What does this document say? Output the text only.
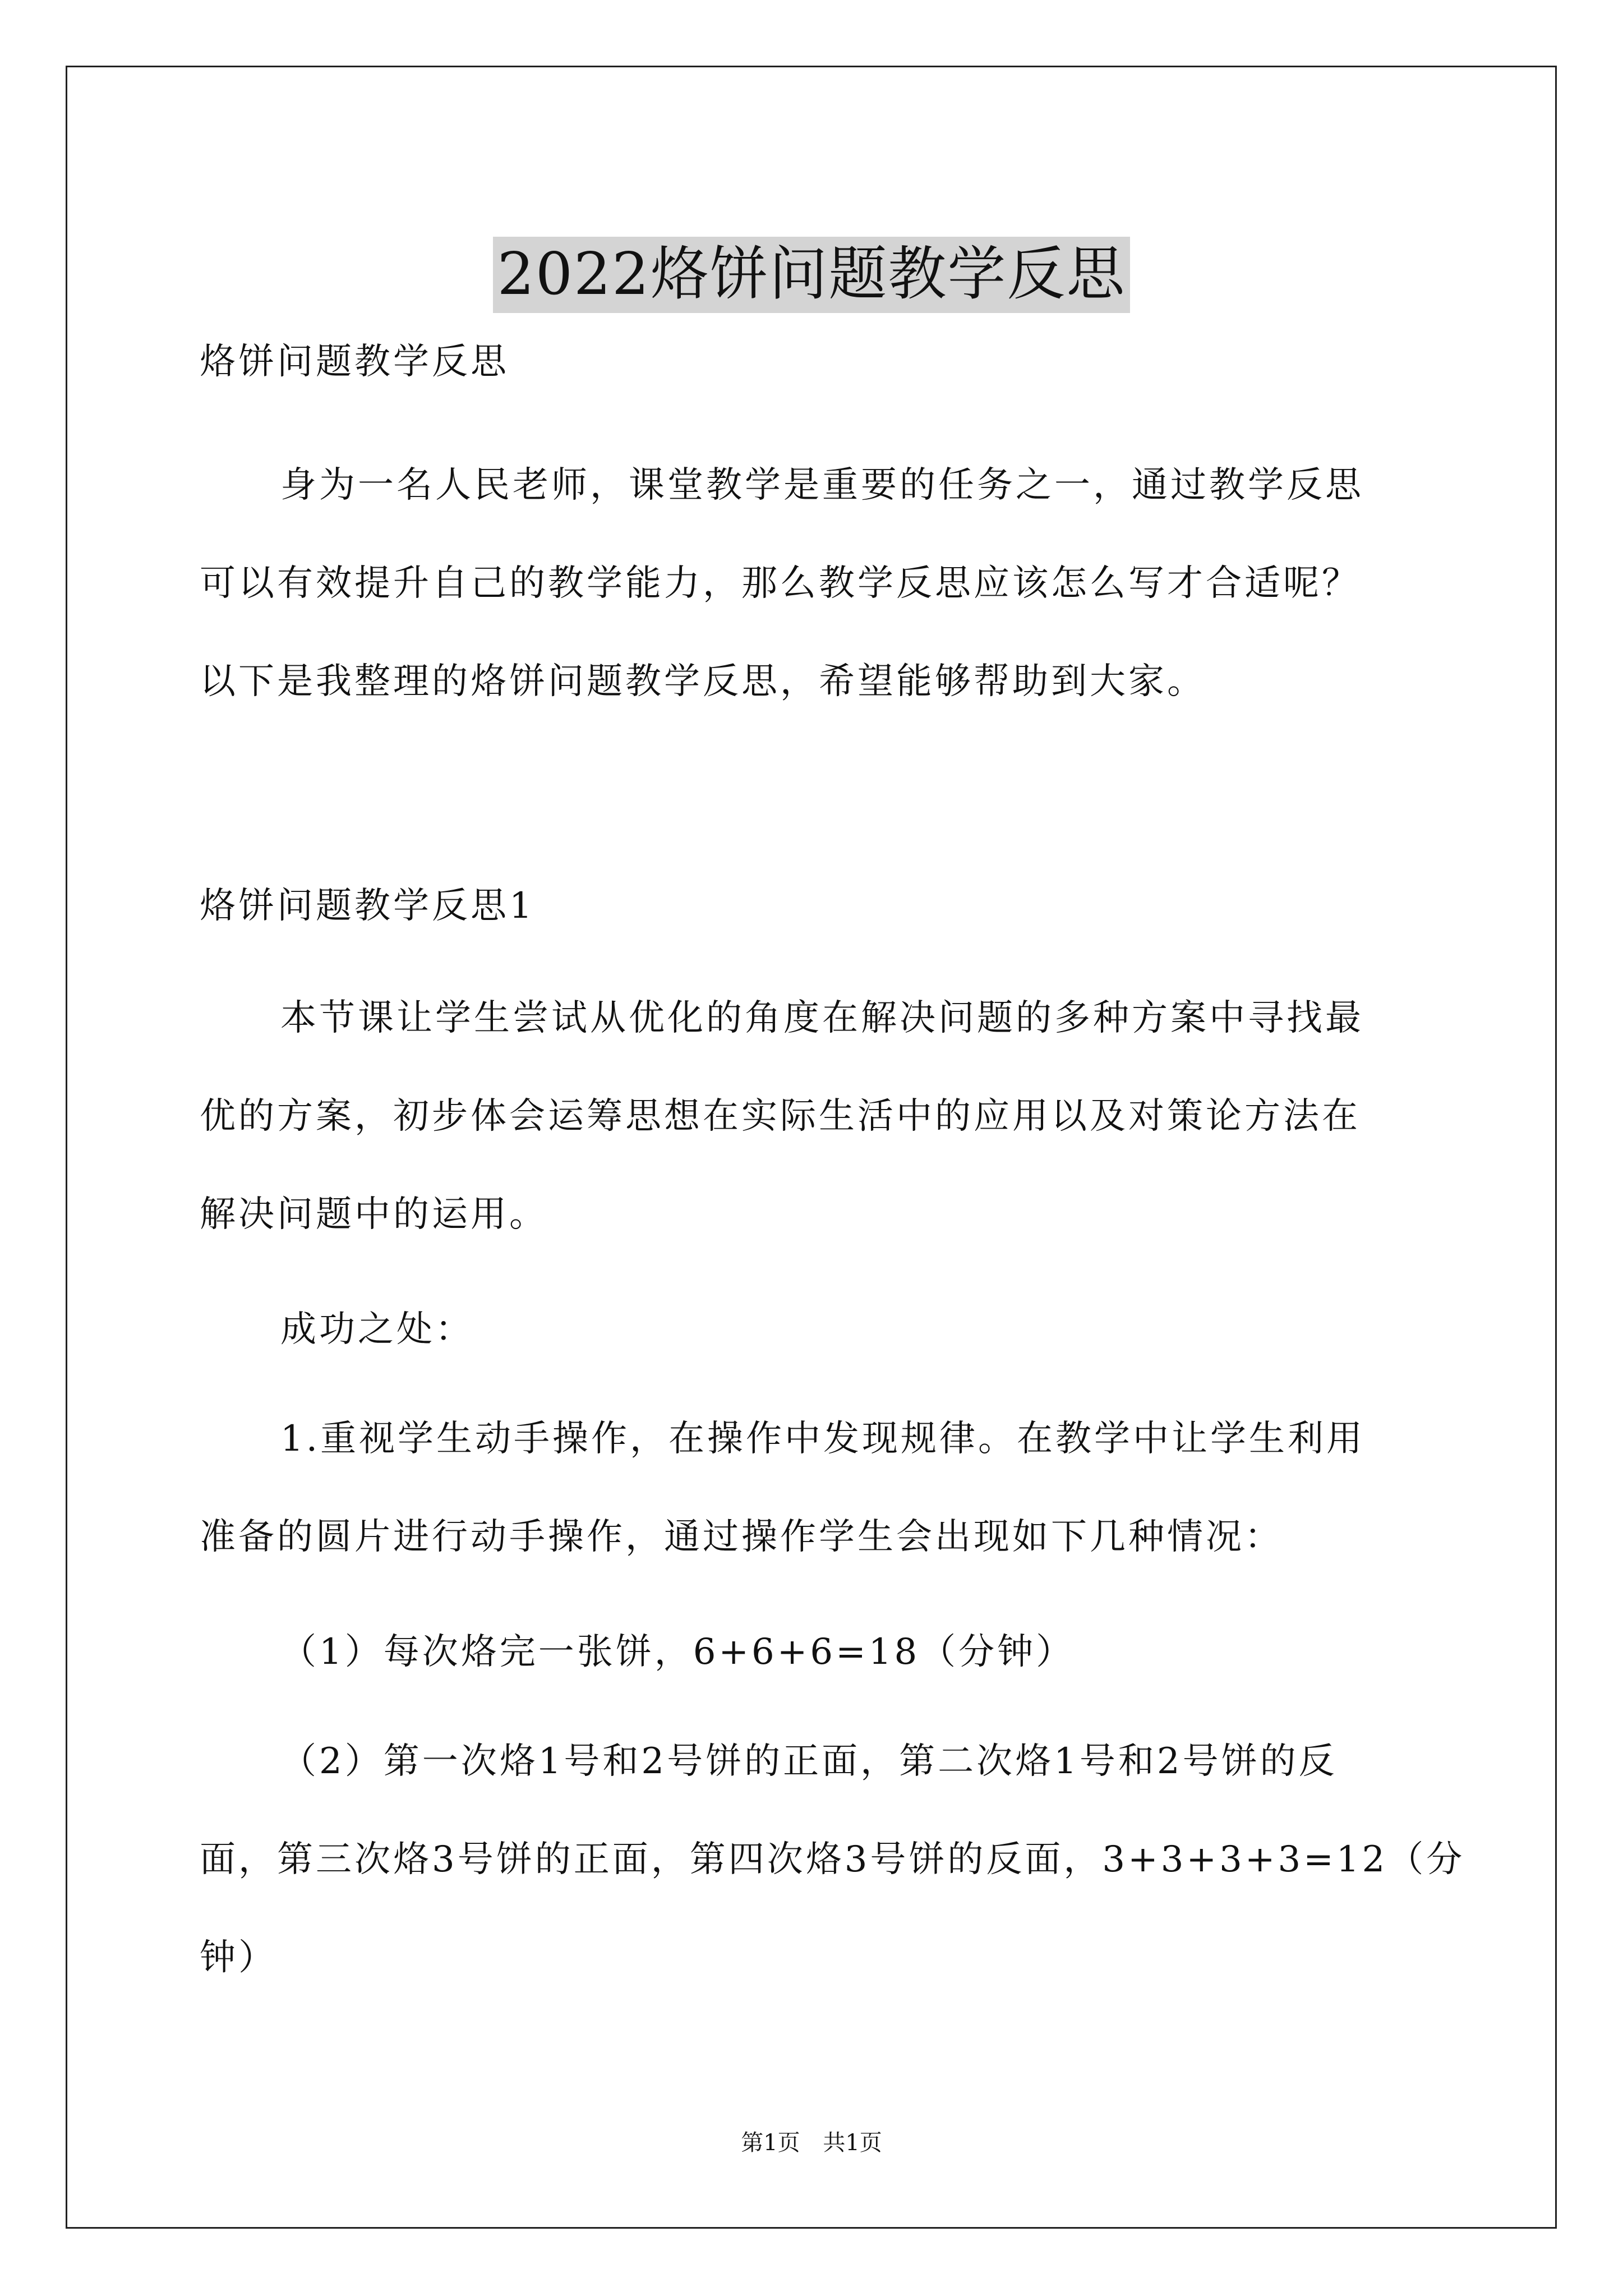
2022烙饼问题教学反思

烙饼问题教学反思

身为一名人民老师，课堂教学是重要的任务之一，通过教学反思

可以有效提升自己的教学能力，那么教学反思应该怎么写才合适呢？

以下是我整理的烙饼问题教学反思，希望能够帮助到大家。

烙饼问题教学反思1

本节课让学生尝试从优化的角度在解决问题的多种方案中寻找最

优的方案，初步体会运筹思想在实际生活中的应用以及对策论方法在

解决问题中的运用。

成功之处：

1.重视学生动手操作，在操作中发现规律。在教学中让学生利用

准备的圆片进行动手操作，通过操作学生会出现如下几种情况：

（1）每次烙完一张饼，6+6+6=18（分钟）

（2）第一次烙1号和2号饼的正面，第二次烙1号和2号饼的反

面，第三次烙3号饼的正面，第四次烙3号饼的反面，3+3+3+3=12（分

钟）

第1页 共1页
